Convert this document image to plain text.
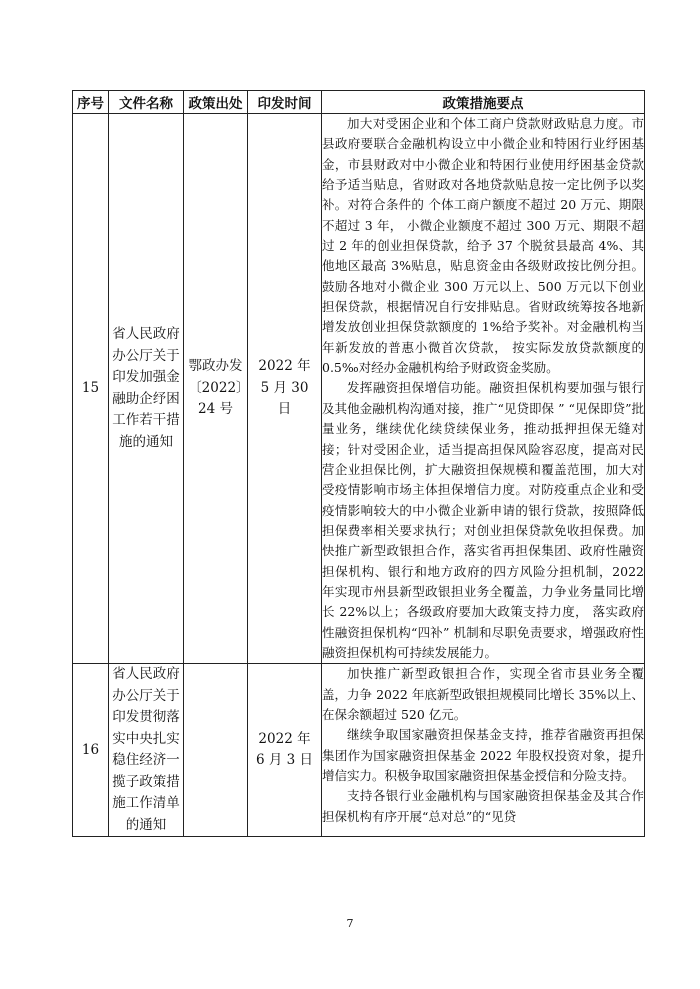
序号	文件名称	政策出处	印发时间	政策措施要点
15	省人民政府办公厅关于印发加强金融助企纾困工作若干措施的通知	鄂政办发〔2022〕24 号	2022 年 5 月 30 日	加大对受困企业和个体工商户贷款财政贴息力度。市县政府要联合金融机构设立中小微企业和特困行业纾困基金，市县财政对中小微企业和特困行业使用纾困基金贷款给予适当贴息，省财政对各地贷款贴息按一定比例予以奖补。对符合条件的 个体工商户额度不超过 20 万元、期限不超过 3 年， 小微企业额度不超过 300 万元、期限不超过 2 年的创业担保贷款，给予 37 个脱贫县最高 4%、其他地区最高 3%贴息，贴息资金由各级财政按比例分担。 鼓励各地对小微企业 300 万元以上、500 万元以下创业担保贷款，根据情况自行安排贴息。省财政统筹按各地新增发放创业担保贷款额度的 1%给予奖补。对金融机构当年新发放的普惠小微首次贷款， 按实际发放贷款额度的 0.5‰对经办金融机构给予财政资金奖励。

发挥融资担保增信功能。融资担保机构要加强与银行及其他金融机构沟通对接，推广“见贷即保 ” “见保即贷”批量业务，继续优化续贷续保业务，推动抵押担保无缝对接；针对受困企业，适当提高担保风险容忍度，提高对民营企业担保比例，扩大融资担保规模和覆盖范围，加大对受疫情影响市场主体担保增信力度。对防疫重点企业和受疫情影响较大的中小微企业新申请的银行贷款，按照降低担保费率相关要求执行；对创业担保贷款免收担保费。加快推广新型政银担合作，落实省再担保集团、政府性融资担保机构、银行和地方政府的四方风险分担机制，2022 年实现市州县新型政银担业务全覆盖，力争业务量同比增长 22%以上；各级政府要加大政策支持力度， 落实政府性融资担保机构“四补” 机制和尽职免责要求，增强政府性融资担保机构可持续发展能力。

16	省人民政府办公厅关于印发贯彻落实中央扎实稳住经济一揽子政策措施工作清单的通知		2022 年 6 月 3 日	加快推广新型政银担合作，实现全省市县业务全覆盖，力争 2022 年底新型政银担规模同比增长 35%以上、在保余额超过 520 亿元。

继续争取国家融资担保基金支持，推荐省融资再担保集团作为国家融资担保基金 2022 年股权投资对象，提升增信实力。积极争取国家融资担保基金授信和分险支持。

支持各银行业金融机构与国家融资担保基金及其合作担保机构有序开展“总对总”的“见贷

7
